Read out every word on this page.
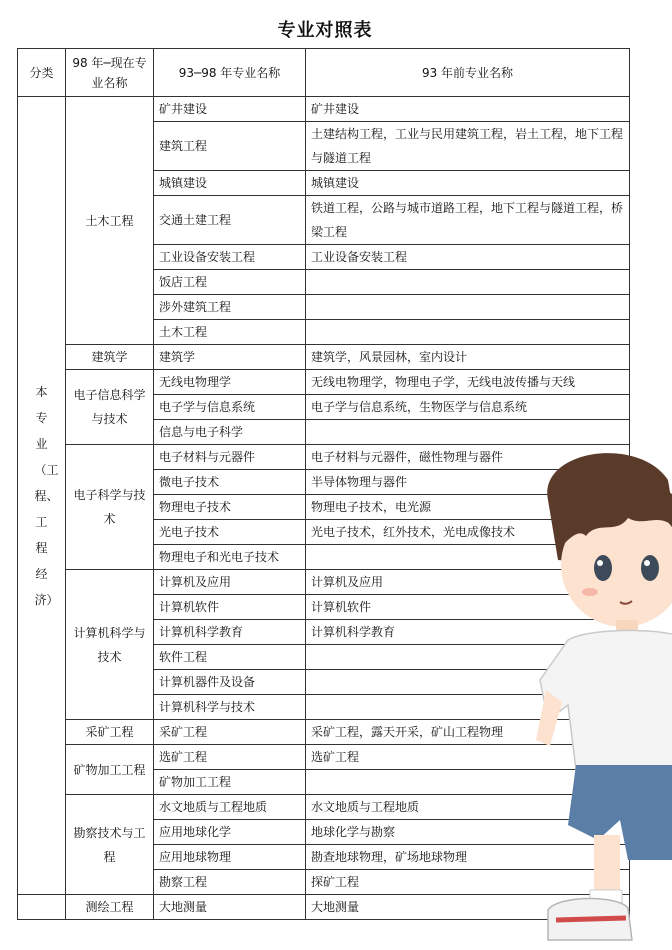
专业对照表
分类	98 年─现在专业名称	93─98 年专业名称	93 年前专业名称
本专业（工程、工程经济）	土木工程	矿井建设	矿井建设
		建筑工程	土建结构工程，工业与民用建筑工程，岩土工程，地下工程与隧道工程
		城镇建设	城镇建设
		交通土建工程	铁道工程，公路与城市道路工程，地下工程与隧道工程，桥梁工程
		工业设备安装工程	工业设备安装工程
		饭店工程	
		涉外建筑工程	
		土木工程	
	建筑学	建筑学	建筑学，风景园林，室内设计
	电子信息科学与技术	无线电物理学	无线电物理学，物理电子学，无线电波传播与天线
		电子学与信息系统	电子学与信息系统，生物医学与信息系统
		信息与电子科学	
	电子科学与技术	电子材料与元器件	电子材料与元器件，磁性物理与器件
		微电子技术	半导体物理与器件
		物理电子技术	物理电子技术，电光源
		光电子技术	光电子技术，红外技术，光电成像技术
		物理电子和光电子技术	
	计算机科学与技术	计算机及应用	计算机及应用
		计算机软件	计算机软件
		计算机科学教育	计算机科学教育
		软件工程	
		计算机器件及设备	
		计算机科学与技术	
	采矿工程	采矿工程	采矿工程，露天开采，矿山工程物理
	矿物加工工程	选矿工程	选矿工程
		矿物加工工程	
	勘察技术与工程	水文地质与工程地质	水文地质与工程地质
		应用地球化学	地球化学与勘察
		应用地球物理	勘查地球物理，矿场地球物理
		勘察工程	探矿工程
	测绘工程	大地测量	大地测量
